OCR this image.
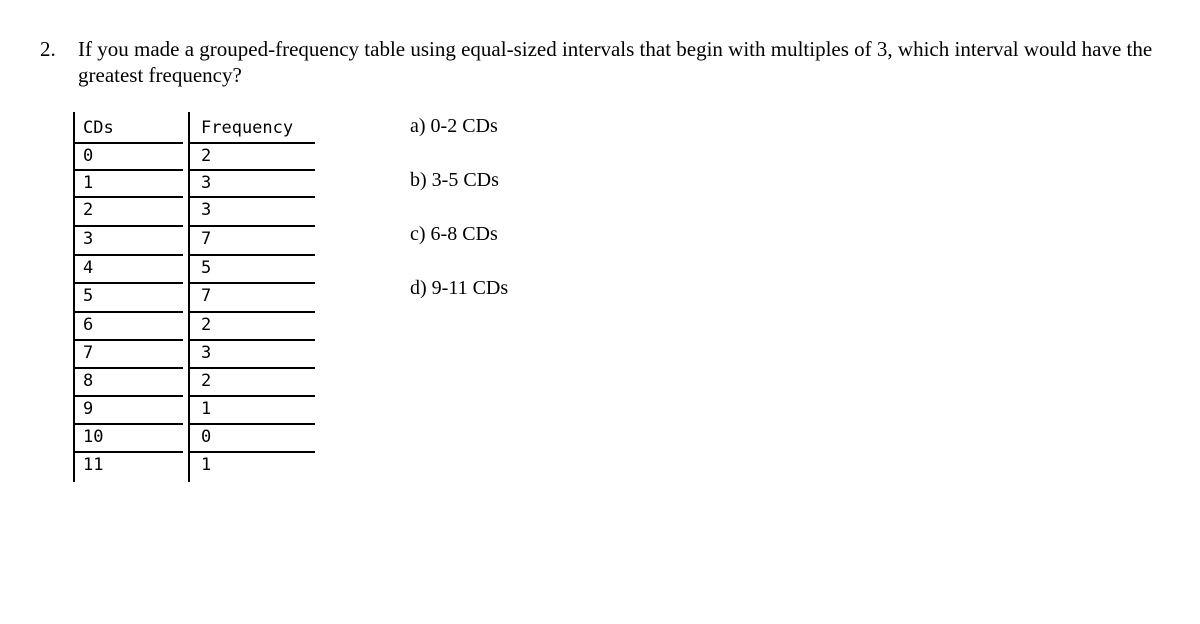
2. If you made a grouped-frequency table using equal-sized intervals that begin with multiples of 3, which interval would have the greatest frequency?
CDs	Frequency
0	2
1	3
2	3
3	7
4	5
5	7
6	2
7	3
8	2
9	1
10	0
11	1
a) 0-2 CDs
b) 3-5 CDs
c) 6-8 CDs
d) 9-11 CDs
